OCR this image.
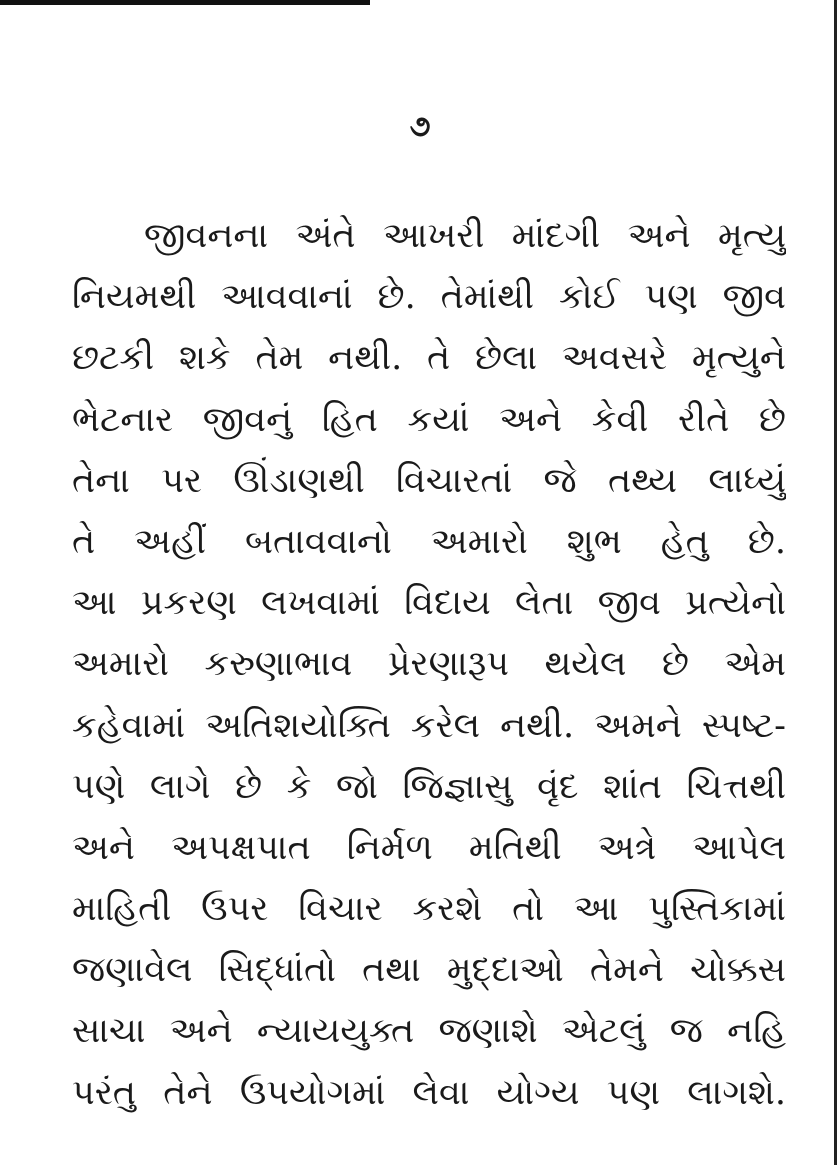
૭
જીવનના અંતે આખરી માંદગી અને મૃત્યુ
નિયમથી આવવાનાં છે. તેમાંથી કોઈ પણ જીવ
છટકી શકે તેમ નથી. તે છેલા અવસરે મૃત્યુને
ભેટનાર જીવનું હિત કયાં અને કેવી રીતે છે
તેના પર ઊંડાણથી વિચારતાં જે તથ્ય લાધ્યું
તે અહીં બતાવવાનો અમારો શુભ હેતુ છે.
આ પ્રકરણ લખવામાં વિદાય લેતા જીવ પ્રત્યેનો
અમારો કરુણાભાવ પ્રેરણારૂપ થયેલ છે એમ
કહેવામાં અતિશયોક્તિ કરેલ નથી. અમને સ્પષ્ટ-
પણે લાગે છે કે જો જિજ્ઞાસુ વૃંદ શાંત ચિત્તથી
અને અપક્ષપાત નિર્મળ મતિથી અત્રે આપેલ
માહિતી ઉપર વિચાર કરશે તો આ પુસ્તિકામાં
જણાવેલ સિદ્ધાંતો તથા મુદ્દાઓ તેમને ચોક્કસ
સાચા અને ન્યાયયુક્ત જણાશે એટલું જ નહિ
પરંતુ તેને ઉપયોગમાં લેવા યોગ્ય પણ લાગશે.
